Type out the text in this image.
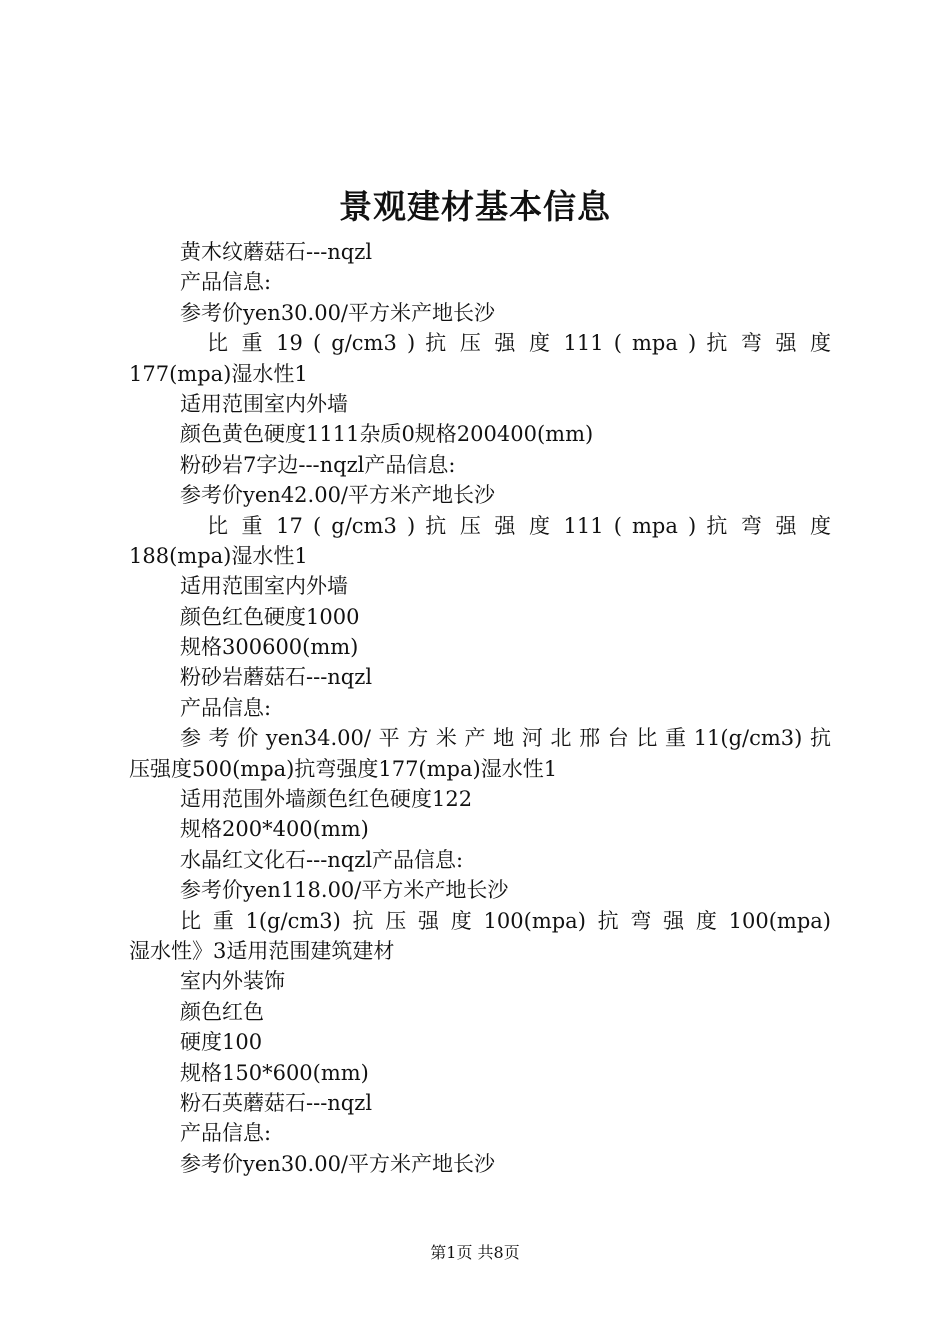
景观建材基本信息
黄木纹蘑菇石---nqzl
产品信息:
参考价yen30.00/平方米产地长沙
比 重 19 ( g/cm3 ) 抗 压 强 度 111 ( mpa ) 抗 弯 强 度
177(mpa)湿水性1
适用范围室内外墙
颜色黄色硬度1111杂质0规格200400(mm)
粉砂岩7字边---nqzl产品信息:
参考价yen42.00/平方米产地长沙
比 重 17 ( g/cm3 ) 抗 压 强 度 111 ( mpa ) 抗 弯 强 度
188(mpa)湿水性1
适用范围室内外墙
颜色红色硬度1000
规格300600(mm)
粉砂岩蘑菇石---nqzl
产品信息:
参考价yen34.00/平方米产地河北邢台比重11(g/cm3)抗
压强度500(mpa)抗弯强度177(mpa)湿水性1
适用范围外墙颜色红色硬度122
规格200*400(mm)
水晶红文化石---nqzl产品信息:
参考价yen118.00/平方米产地长沙
比重1(g/cm3)抗压强度100(mpa)抗弯强度100(mpa)
湿水性》3适用范围建筑建材
室内外装饰
颜色红色
硬度100
规格150*600(mm)
粉石英蘑菇石---nqzl
产品信息:
参考价yen30.00/平方米产地长沙
第1页 共8页
